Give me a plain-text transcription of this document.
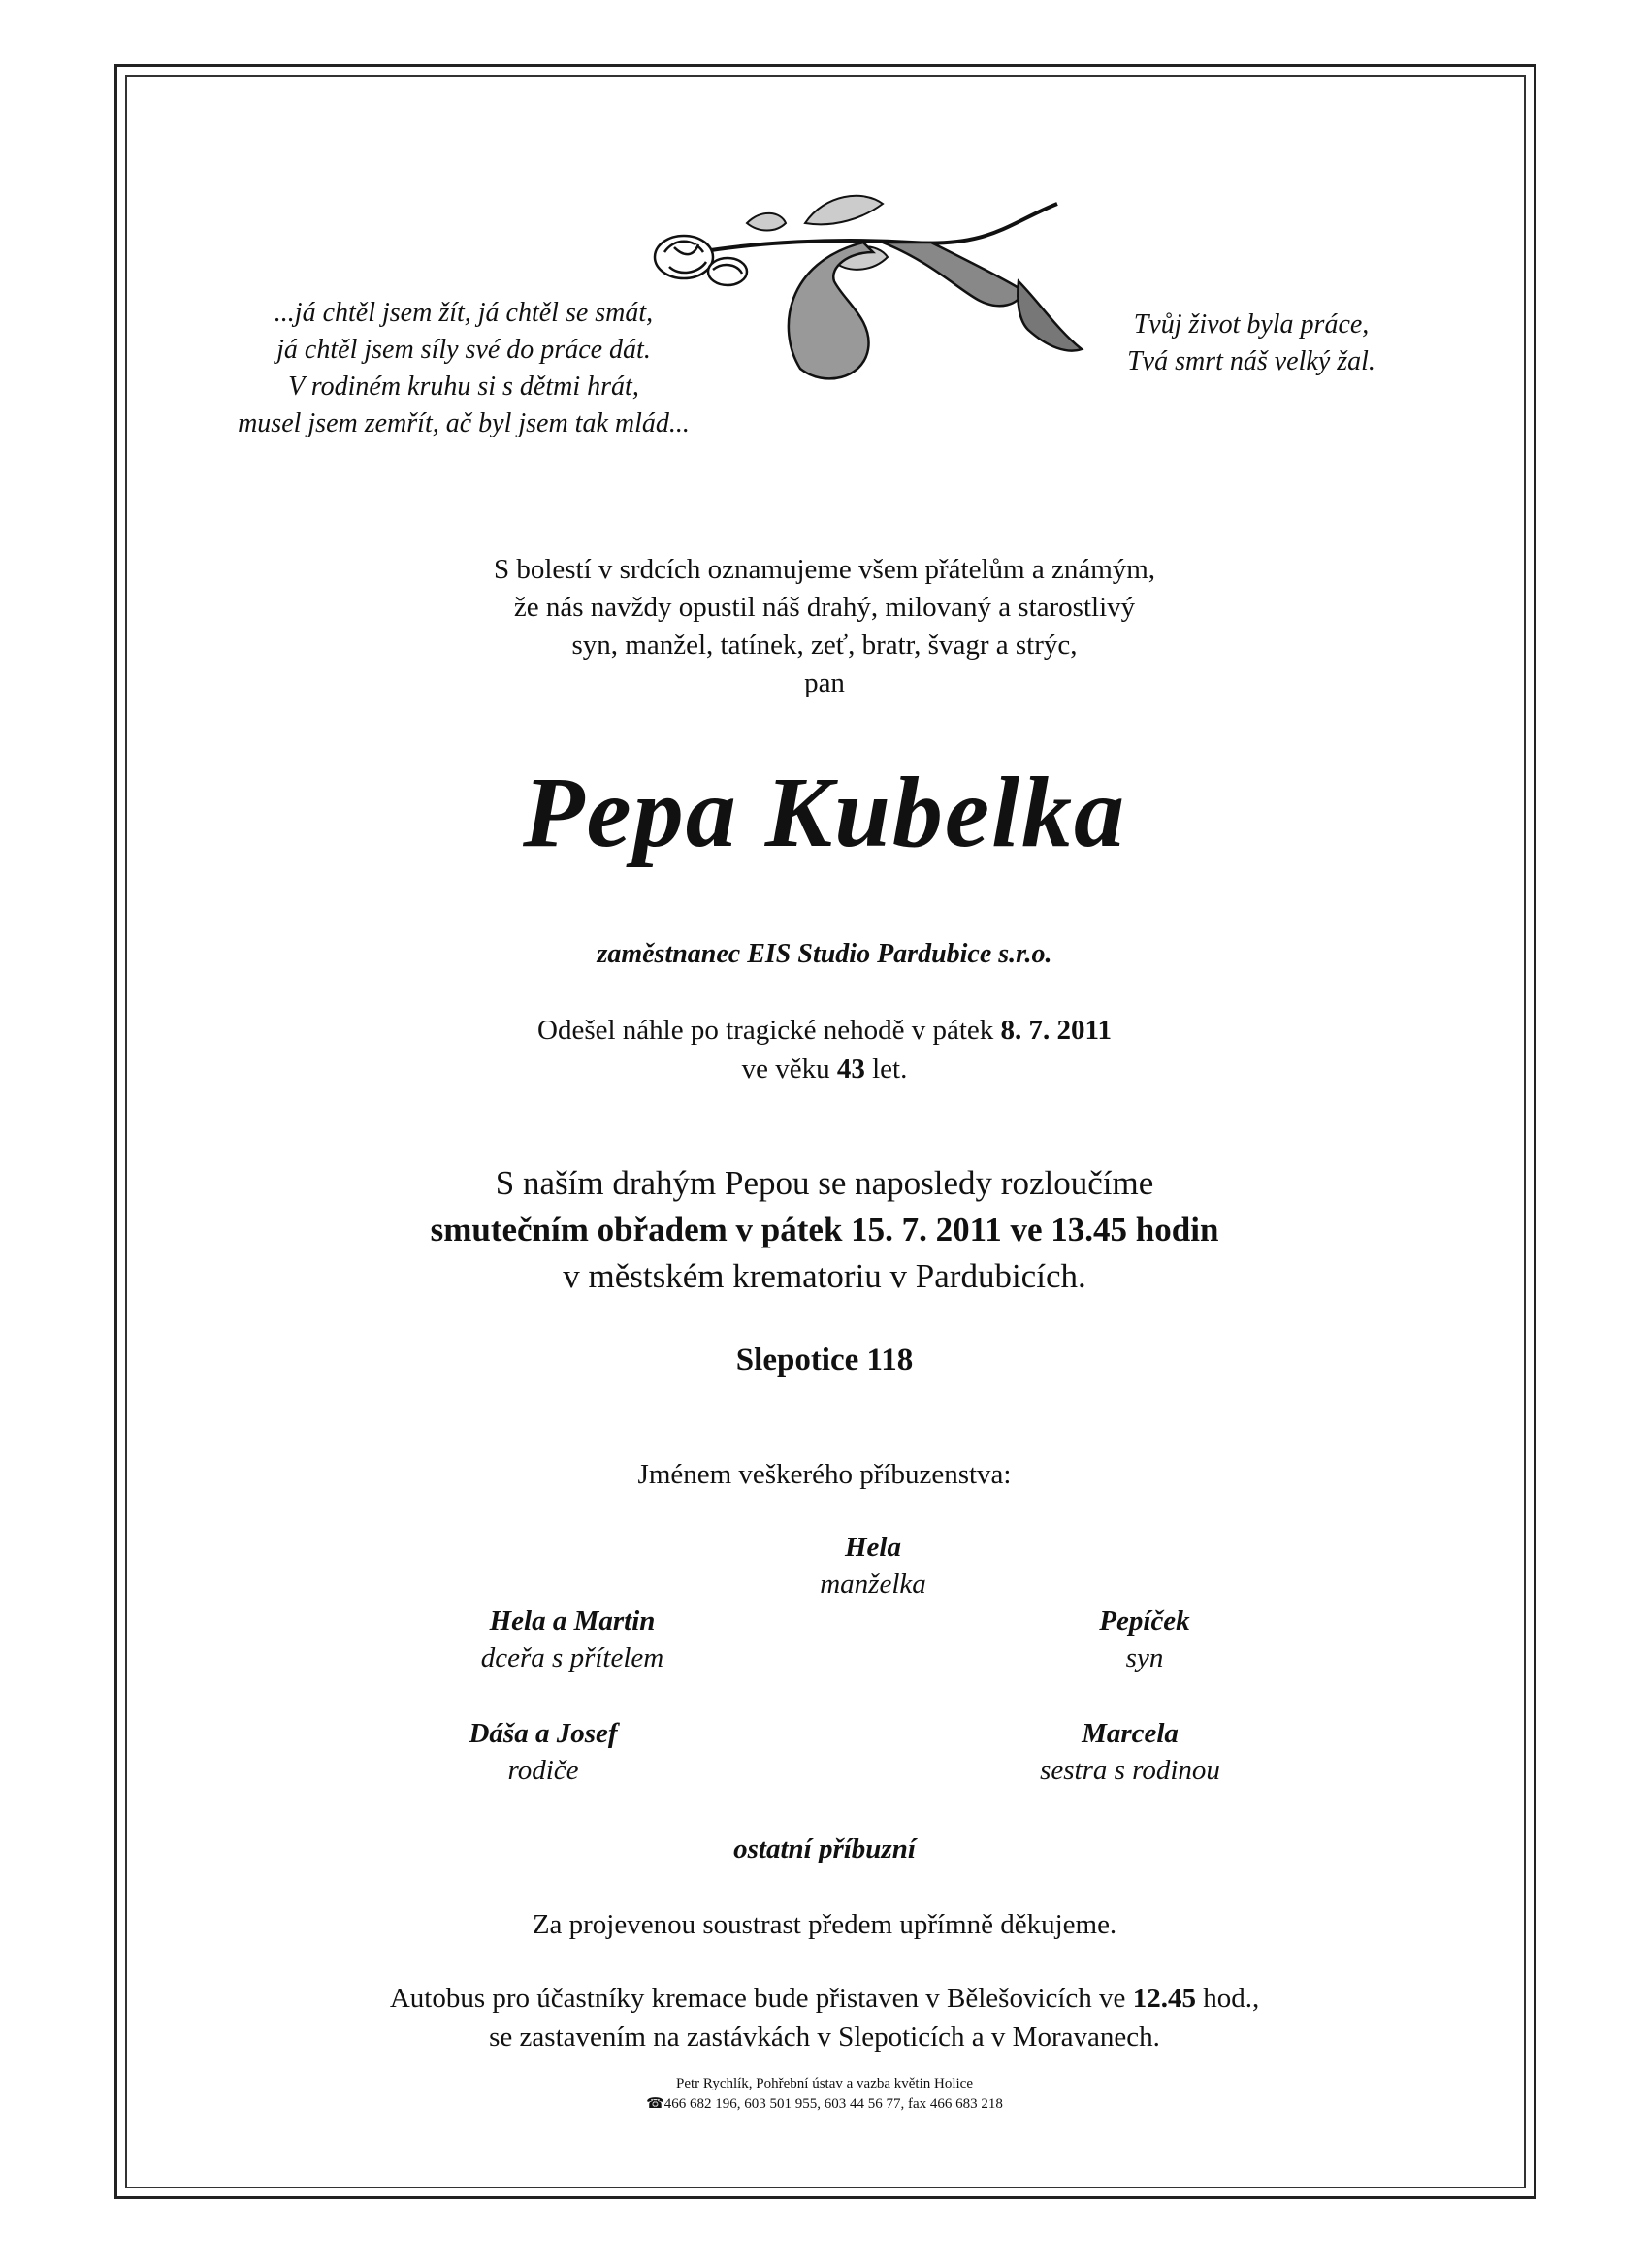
...já chtěl jsem žít, já chtěl se smát,
já chtěl jsem síly své do práce dát.
V rodiném kruhu si s dětmi hrát,
musel jsem zemřít, ač byl jsem tak mlád...
Tvůj život byla práce,
Tvá smrt náš velký žal.
S bolestí v srdcích oznamujeme všem přátelům a známým,
že nás navždy opustil náš drahý, milovaný a starostlivý
syn, manžel, tatínek, zeť, bratr, švagr a strýc,
pan
Pepa Kubelka
zaměstnanec EIS Studio Pardubice s.r.o.
Odešel náhle po tragické nehodě v pátek 8. 7. 2011
ve věku 43 let.
S naším drahým Pepou se naposledy rozloučíme
smutečním obřadem v pátek 15. 7. 2011 ve 13.45 hodin
v městském krematoriu v Pardubicích.
Slepotice 118
Jménem veškerého příbuzenstva:
Hela
manželka
Hela a Martin
dceřa s přítelem
Pepíček
syn
Dáša a Josef
rodiče
Marcela
sestra s rodinou
ostatní příbuzní
Za projevenou soustrast předem upřímně děkujeme.
Autobus pro účastníky kremace bude přistaven v Bělešovicích ve 12.45 hod.,
se zastavením na zastávkách v Slepoticích a v Moravanech.
Petr Rychlík, Pohřební ústav a vazba květin Holice
☎466 682 196, 603 501 955, 603 44 56 77, fax 466 683 218
